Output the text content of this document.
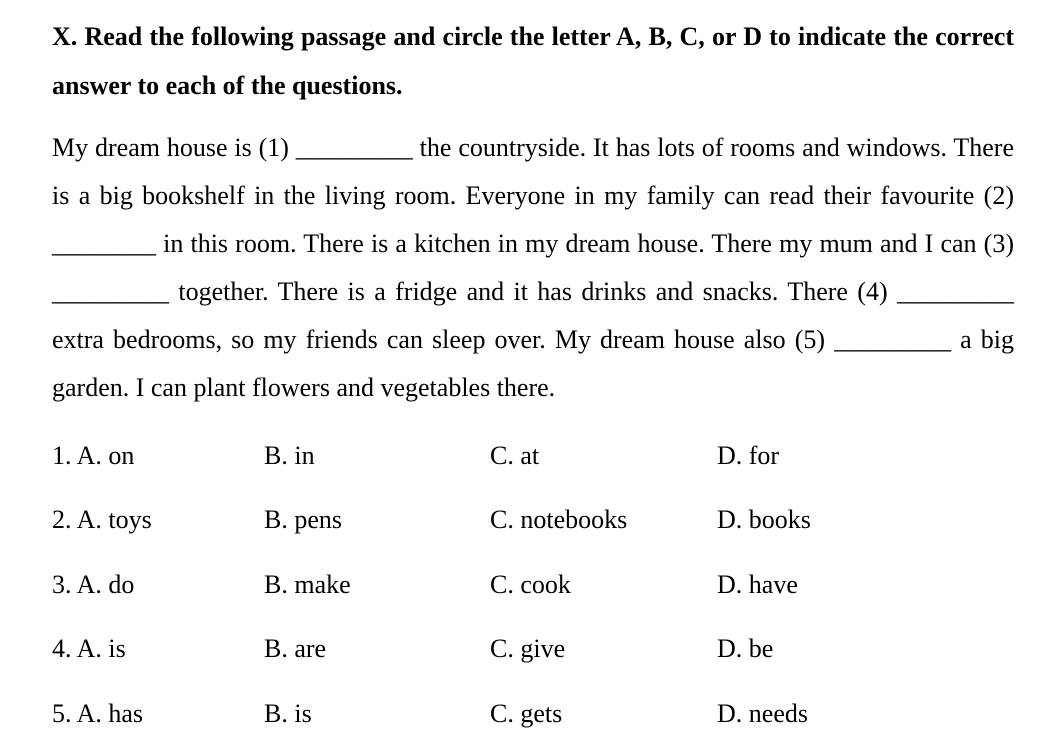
X. Read the following passage and circle the letter A, B, C, or D to indicate the correct answer to each of the questions.

My dream house is (1) _________ the countryside. It has lots of rooms and windows. There is a big bookshelf in the living room. Everyone in my family can read their favourite (2) ________ in this room. There is a kitchen in my dream house. There my mum and I can (3) _________ together. There is a fridge and it has drinks and snacks. There (4) _________ extra bedrooms, so my friends can sleep over. My dream house also (5) _________ a big garden. I can plant flowers and vegetables there.

1. A. on	B. in	C. at	D. for
2. A. toys	B. pens	C. notebooks	D. books
3. A. do	B. make	C. cook	D. have
4. A. is	B. are	C. give	D. be
5. A. has	B. is	C. gets	D. needs
